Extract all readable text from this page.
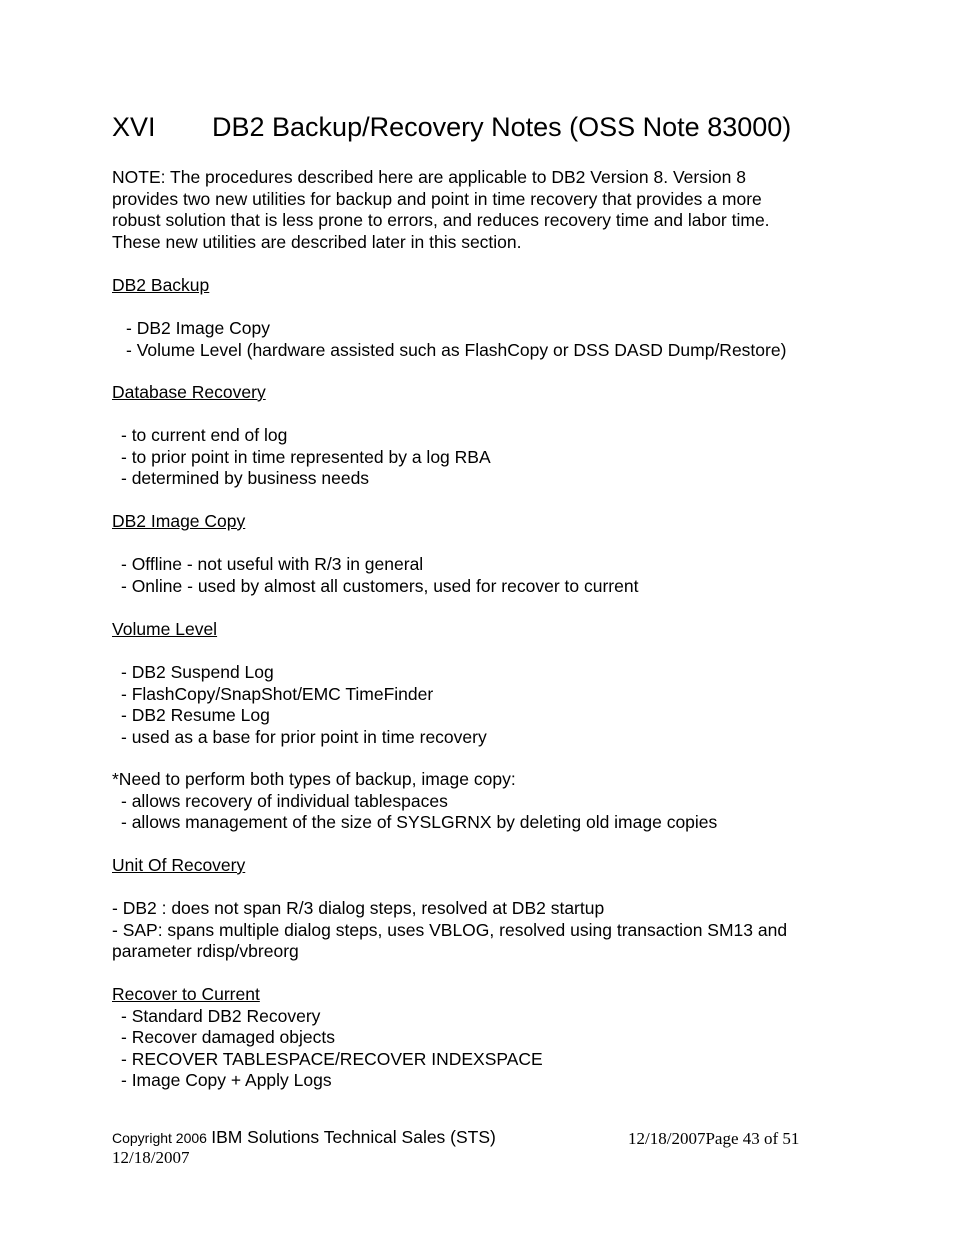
XVI DB2 Backup/Recovery Notes (OSS Note 83000)

NOTE: The procedures described here are applicable to DB2 Version 8. Version 8

provides two new utilities for backup and point in time recovery that provides a more

robust solution that is less prone to errors, and reduces recovery time and labor time.

These new utilities are described later in this section.

DB2 Backup

- DB2 Image Copy

- Volume Level (hardware assisted such as FlashCopy or DSS DASD Dump/Restore)

Database Recovery

- to current end of log

- to prior point in time represented by a log RBA

- determined by business needs

DB2 Image Copy

- Offline - not useful with R/3 in general

- Online - used by almost all customers, used for recover to current

Volume Level

- DB2 Suspend Log

- FlashCopy/SnapShot/EMC TimeFinder

- DB2 Resume Log

- used as a base for prior point in time recovery

*Need to perform both types of backup, image copy:

- allows recovery of individual tablespaces

- allows management of the size of SYSLGRNX by deleting old image copies

Unit Of Recovery

- DB2 : does not span R/3 dialog steps, resolved at DB2 startup

- SAP: spans multiple dialog steps, uses VBLOG, resolved using transaction SM13 and

parameter rdisp/vbreorg

Recover to Current

- Standard DB2 Recovery

- Recover damaged objects

- RECOVER TABLESPACE/RECOVER INDEXSPACE

- Image Copy + Apply Logs

Copyright 2006 IBM Solutions Technical Sales (STS)
12/18/2007
12/18/2007Page 43 of 51
